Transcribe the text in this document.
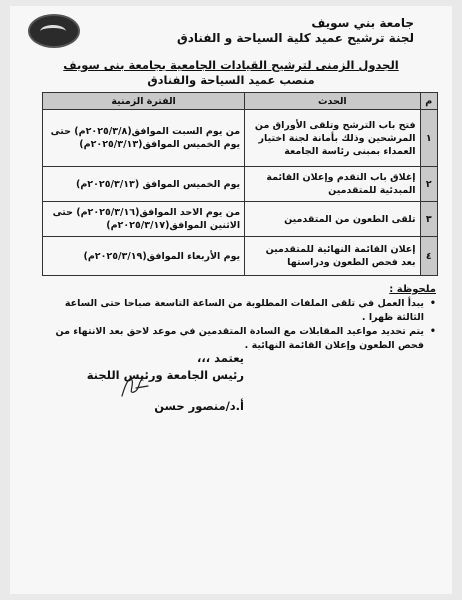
جامعة بني سويف
لجنة ترشيح عميد كلية السياحة و الفنادق
الجدول الزمنى لترشيح القيادات الجامعية بجامعة بنى سويف
منصب عميد السياحة والفنادق
م	الحدث	الفترة الزمنية
١	فتح باب الترشح وتلقى الأوراق من المرشحين وذلك بأمانة لجنة اختيار العمداء بمبنى رئاسة الجامعة	من يوم السبت الموافق(٢٠٢٥/٣/٨م) حتى يوم الخميس الموافق(٢٠٢٥/٣/١٣م)
٢	إغلاق باب التقدم وإعلان القائمة المبدئية للمتقدمين	يوم الخميس الموافق (٢٠٢٥/٣/١٣م)
٣	تلقى الطعون من المتقدمين	من يوم الاحد الموافق(٢٠٢٥/٣/١٦م) حتى الاثنين الموافق(٢٠٢٥/٣/١٧م)
٤	إعلان القائمة النهائية للمتقدمين بعد فحص الطعون ودراستها	يوم الأربعاء الموافق(٢٠٢٥/٣/١٩م)
ملحوظة :
• يبدأ العمل في تلقى الملفات المطلوبة من الساعة التاسعة صباحا حتى الساعة الثالثة ظهرا .
• يتم تحديد مواعيد المقابلات مع السادة المتقدمين في موعد لاحق بعد الانتهاء من فحص الطعون وإعلان القائمة النهائية .
يعتمد ،،،
رئيس الجامعة ورئيس اللجنة
أ.د/منصور حسن
